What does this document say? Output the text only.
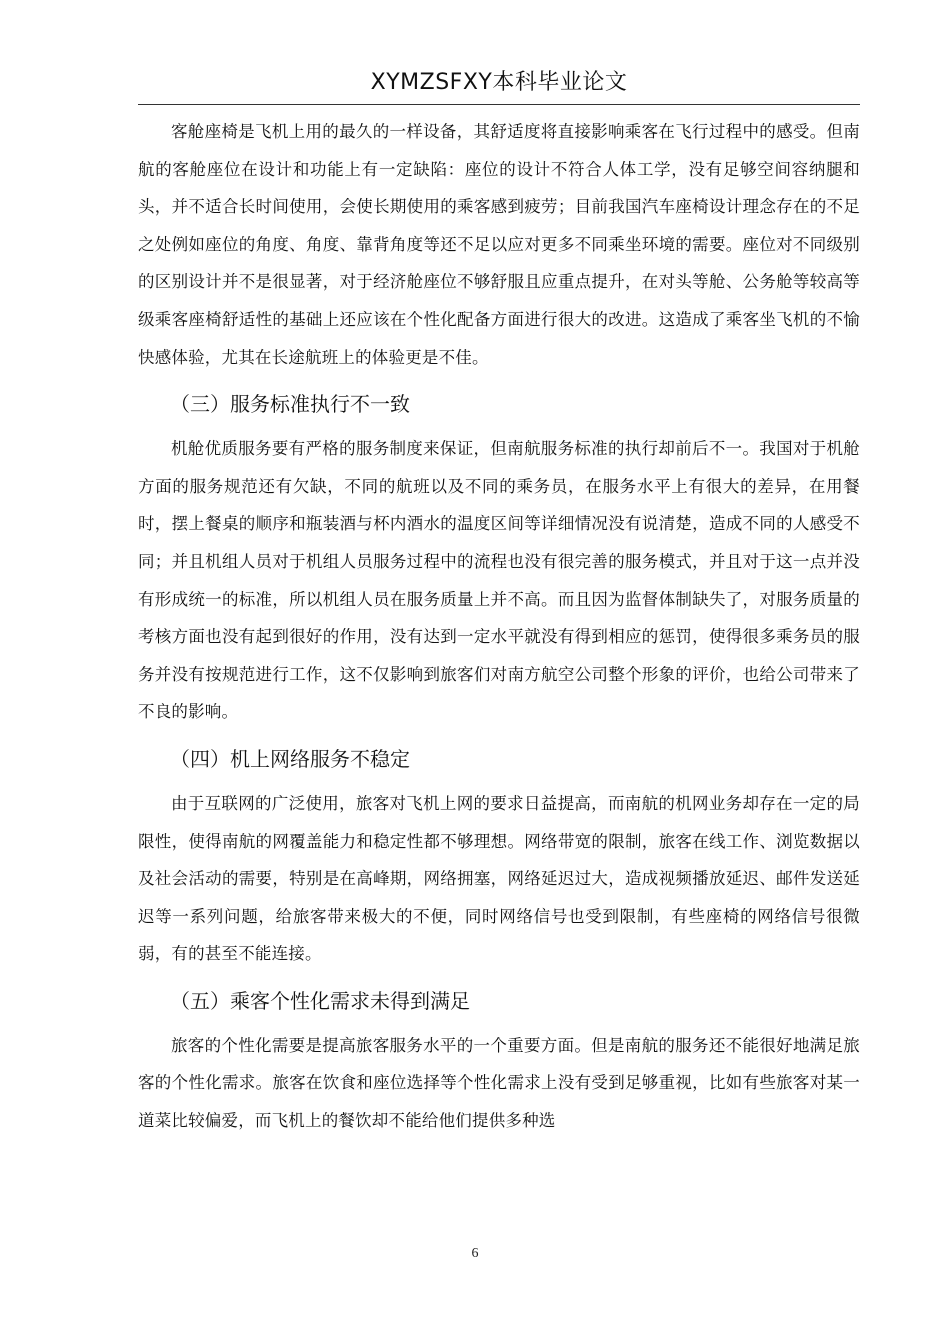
XYMZSFXY本科毕业论文

客舱座椅是飞机上用的最久的一样设备，其舒适度将直接影响乘客在飞行过程中的感受。但南航的客舱座位在设计和功能上有一定缺陷：座位的设计不符合人体工学，没有足够空间容纳腿和头，并不适合长时间使用，会使长期使用的乘客感到疲劳；目前我国汽车座椅设计理念存在的不足之处例如座位的角度、角度、靠背角度等还不足以应对更多不同乘坐环境的需要。座位对不同级别的区别设计并不是很显著，对于经济舱座位不够舒服且应重点提升，在对头等舱、公务舱等较高等级乘客座椅舒适性的基础上还应该在个性化配备方面进行很大的改进。这造成了乘客坐飞机的不愉快感体验，尤其在长途航班上的体验更是不佳。

（三）服务标准执行不一致

机舱优质服务要有严格的服务制度来保证，但南航服务标准的执行却前后不一。我国对于机舱方面的服务规范还有欠缺，不同的航班以及不同的乘务员，在服务水平上有很大的差异，在用餐时，摆上餐桌的顺序和瓶装酒与杯内酒水的温度区间等详细情况没有说清楚，造成不同的人感受不同；并且机组人员对于机组人员服务过程中的流程也没有很完善的服务模式，并且对于这一点并没有形成统一的标准，所以机组人员在服务质量上并不高。而且因为监督体制缺失了，对服务质量的考核方面也没有起到很好的作用，没有达到一定水平就没有得到相应的惩罚，使得很多乘务员的服务并没有按规范进行工作，这不仅影响到旅客们对南方航空公司整个形象的评价，也给公司带来了不良的影响。

（四）机上网络服务不稳定

由于互联网的广泛使用，旅客对飞机上网的要求日益提高，而南航的机网业务却存在一定的局限性，使得南航的网覆盖能力和稳定性都不够理想。网络带宽的限制，旅客在线工作、浏览数据以及社会活动的需要，特别是在高峰期，网络拥塞，网络延迟过大，造成视频播放延迟、邮件发送延迟等一系列问题，给旅客带来极大的不便，同时网络信号也受到限制，有些座椅的网络信号很微弱，有的甚至不能连接。

（五）乘客个性化需求未得到满足

旅客的个性化需要是提高旅客服务水平的一个重要方面。但是南航的服务还不能很好地满足旅客的个性化需求。旅客在饮食和座位选择等个性化需求上没有受到足够重视，比如有些旅客对某一道菜比较偏爱，而飞机上的餐饮却不能给他们提供多种选

6
